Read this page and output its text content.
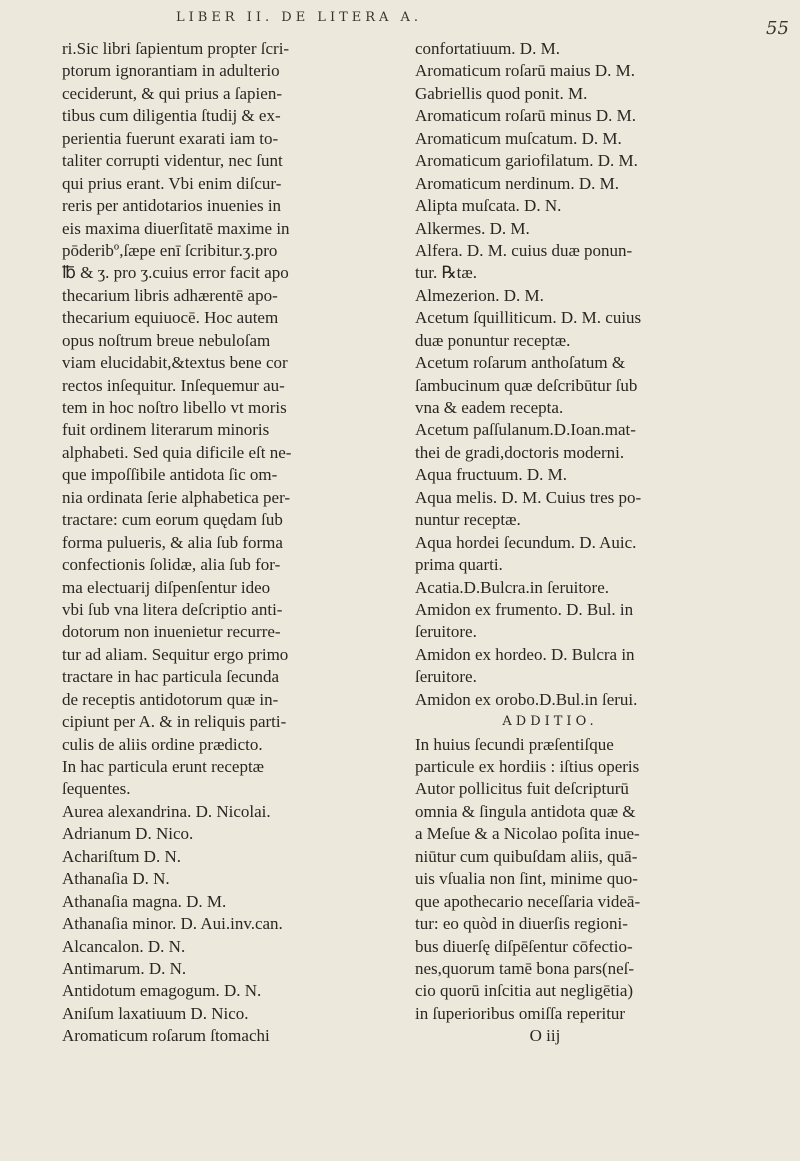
LIBER II. DE LITERA A.
55
ri.Sic libri ſapientum propter ſcri-
ptorum ignorantiam in adulterio
ceciderunt, & qui prius a ſapien-
tibus cum diligentia ſtudij & ex-
perientia fuerunt exarati iam to-
taliter corrupti videntur, nec ſunt
qui prius erant. Vbi enim diſcur-
reris per antidotarios inuenies in
eis maxima diuerſitatē maxime in
pōderibº,ſæpe enī ſcribitur.ʒ.pro
℔ & ʒ. pro ʒ.cuius error facit apo
thecarium libris adhærentē apo-
thecarium equiuocē. Hoc autem
opus noſtrum breue nebuloſam
viam elucidabit,&textus bene cor
rectos inſequitur. Inſequemur au-
tem in hoc noſtro libello vt moris
fuit ordinem literarum minoris
alphabeti. Sed quia dificile eſt ne-
que impoſſibile antidota ſic om-
nia ordinata ſerie alphabetica per-
tractare: cum eorum quędam ſub
forma pulueris, & alia ſub forma
confectionis ſolidæ, alia ſub for-
ma electuarij diſpenſentur ideo
vbi ſub vna litera deſcriptio anti-
dotorum non inuenietur recurre-
tur ad aliam. Sequitur ergo primo
tractare in hac particula ſecunda
de receptis antidotorum quæ in-
cipiunt per A. & in reliquis parti-
culis de aliis ordine prædicto.
In hac particula erunt receptæ
ſequentes.
Aurea alexandrina. D. Nicolai.
Adrianum D. Nico.
Achariſtum D. N.
Athanaſia D. N.
Athanaſia magna. D. M.
Athanaſia minor. D. Aui.inv.can.
Alcancalon. D. N.
Antimarum. D. N.
Antidotum emagogum. D. N.
Aniſum laxatiuum D. Nico.
Aromaticum roſarum ſtomachi
confortatiuum. D. M.
Aromaticum roſarū maius D. M.
Gabriellis quod ponit. M.
Aromaticum roſarū minus D. M.
Aromaticum muſcatum. D. M.
Aromaticum gariofilatum. D. M.
Aromaticum nerdinum. D. M.
Alipta muſcata. D. N.
Alkermes. D. M.
Alfera. D. M. cuius duæ ponun-
tur. ℞tæ.
Almezerion. D. M.
Acetum ſquilliticum. D. M. cuius
duæ ponuntur receptæ.
Acetum roſarum anthoſatum &
ſambucinum quæ deſcribūtur ſub
vna & eadem recepta.
Acetum paſſulanum.D.Ioan.mat-
thei de gradi,doctoris moderni.
Aqua fructuum. D. M.
Aqua melis. D. M. Cuius tres po-
nuntur receptæ.
Aqua hordei ſecundum. D. Auic.
prima quarti.
Acatia.D.Bulcra.in ſeruitore.
Amidon ex frumento. D. Bul. in
ſeruitore.
Amidon ex hordeo. D. Bulcra in
ſeruitore.
Amidon ex orobo.D.Bul.in ſerui.
ADDITIO.
In huius ſecundi præſentiſque
particule ex hordiis : iſtius operis
Autor pollicitus fuit deſcripturū
omnia & ſingula antidota quæ &
a Meſue & a Nicolao poſita inue-
niūtur cum quibuſdam aliis, quā-
uis vſualia non ſint, minime quo-
que apothecario neceſſaria videā-
tur: eo quòd in diuerſis regioni-
bus diuerſę diſpēſentur cōfectio-
nes,quorum tamē bona pars(neſ-
cio quorū inſcitia aut negligētia)
in ſuperioribus omiſſa reperitur
O iij
